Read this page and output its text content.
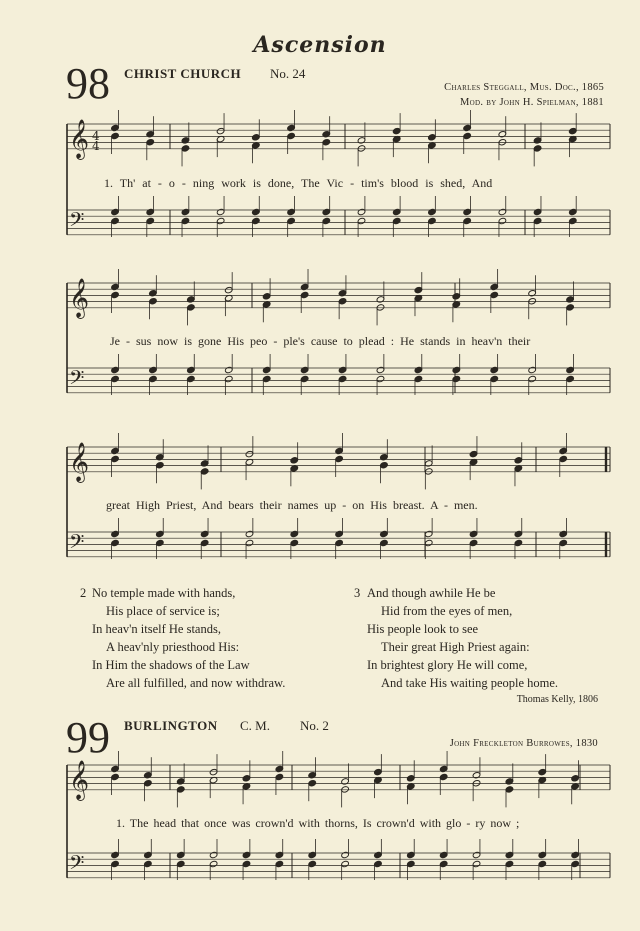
Ascension
98 CHRIST CHURCH No. 24
Charles Steggall, Mus. Doc., 1865
Mod. by John H. Spielman, 1881
𝄞
𝄢
4
4
𝄞
𝄢
𝄞
𝄢
𝄞
𝄢
1. Th' at - o - ning work is done, The Vic - tim's blood is shed, And
Je - sus now is gone His peo - ple's cause to plead : He stands in heav'n their
great High Priest, And bears their names up - on His breast. A - men.
2 No temple made with hands,
His place of service is;
In heav'n itself He stands,
A heav'nly priesthood His:
In Him the shadows of the Law
Are all fulfilled, and now withdraw.
3 And though awhile He be
Hid from the eyes of men,
His people look to see
Their great High Priest again:
In brightest glory He will come,
And take His waiting people home.
Thomas Kelly, 1806
99 BURLINGTON C. M. No. 2
John Freckleton Burrowes, 1830
1. The head that once was crown'd with thorns, Is crown'd with glo - ry now ;
